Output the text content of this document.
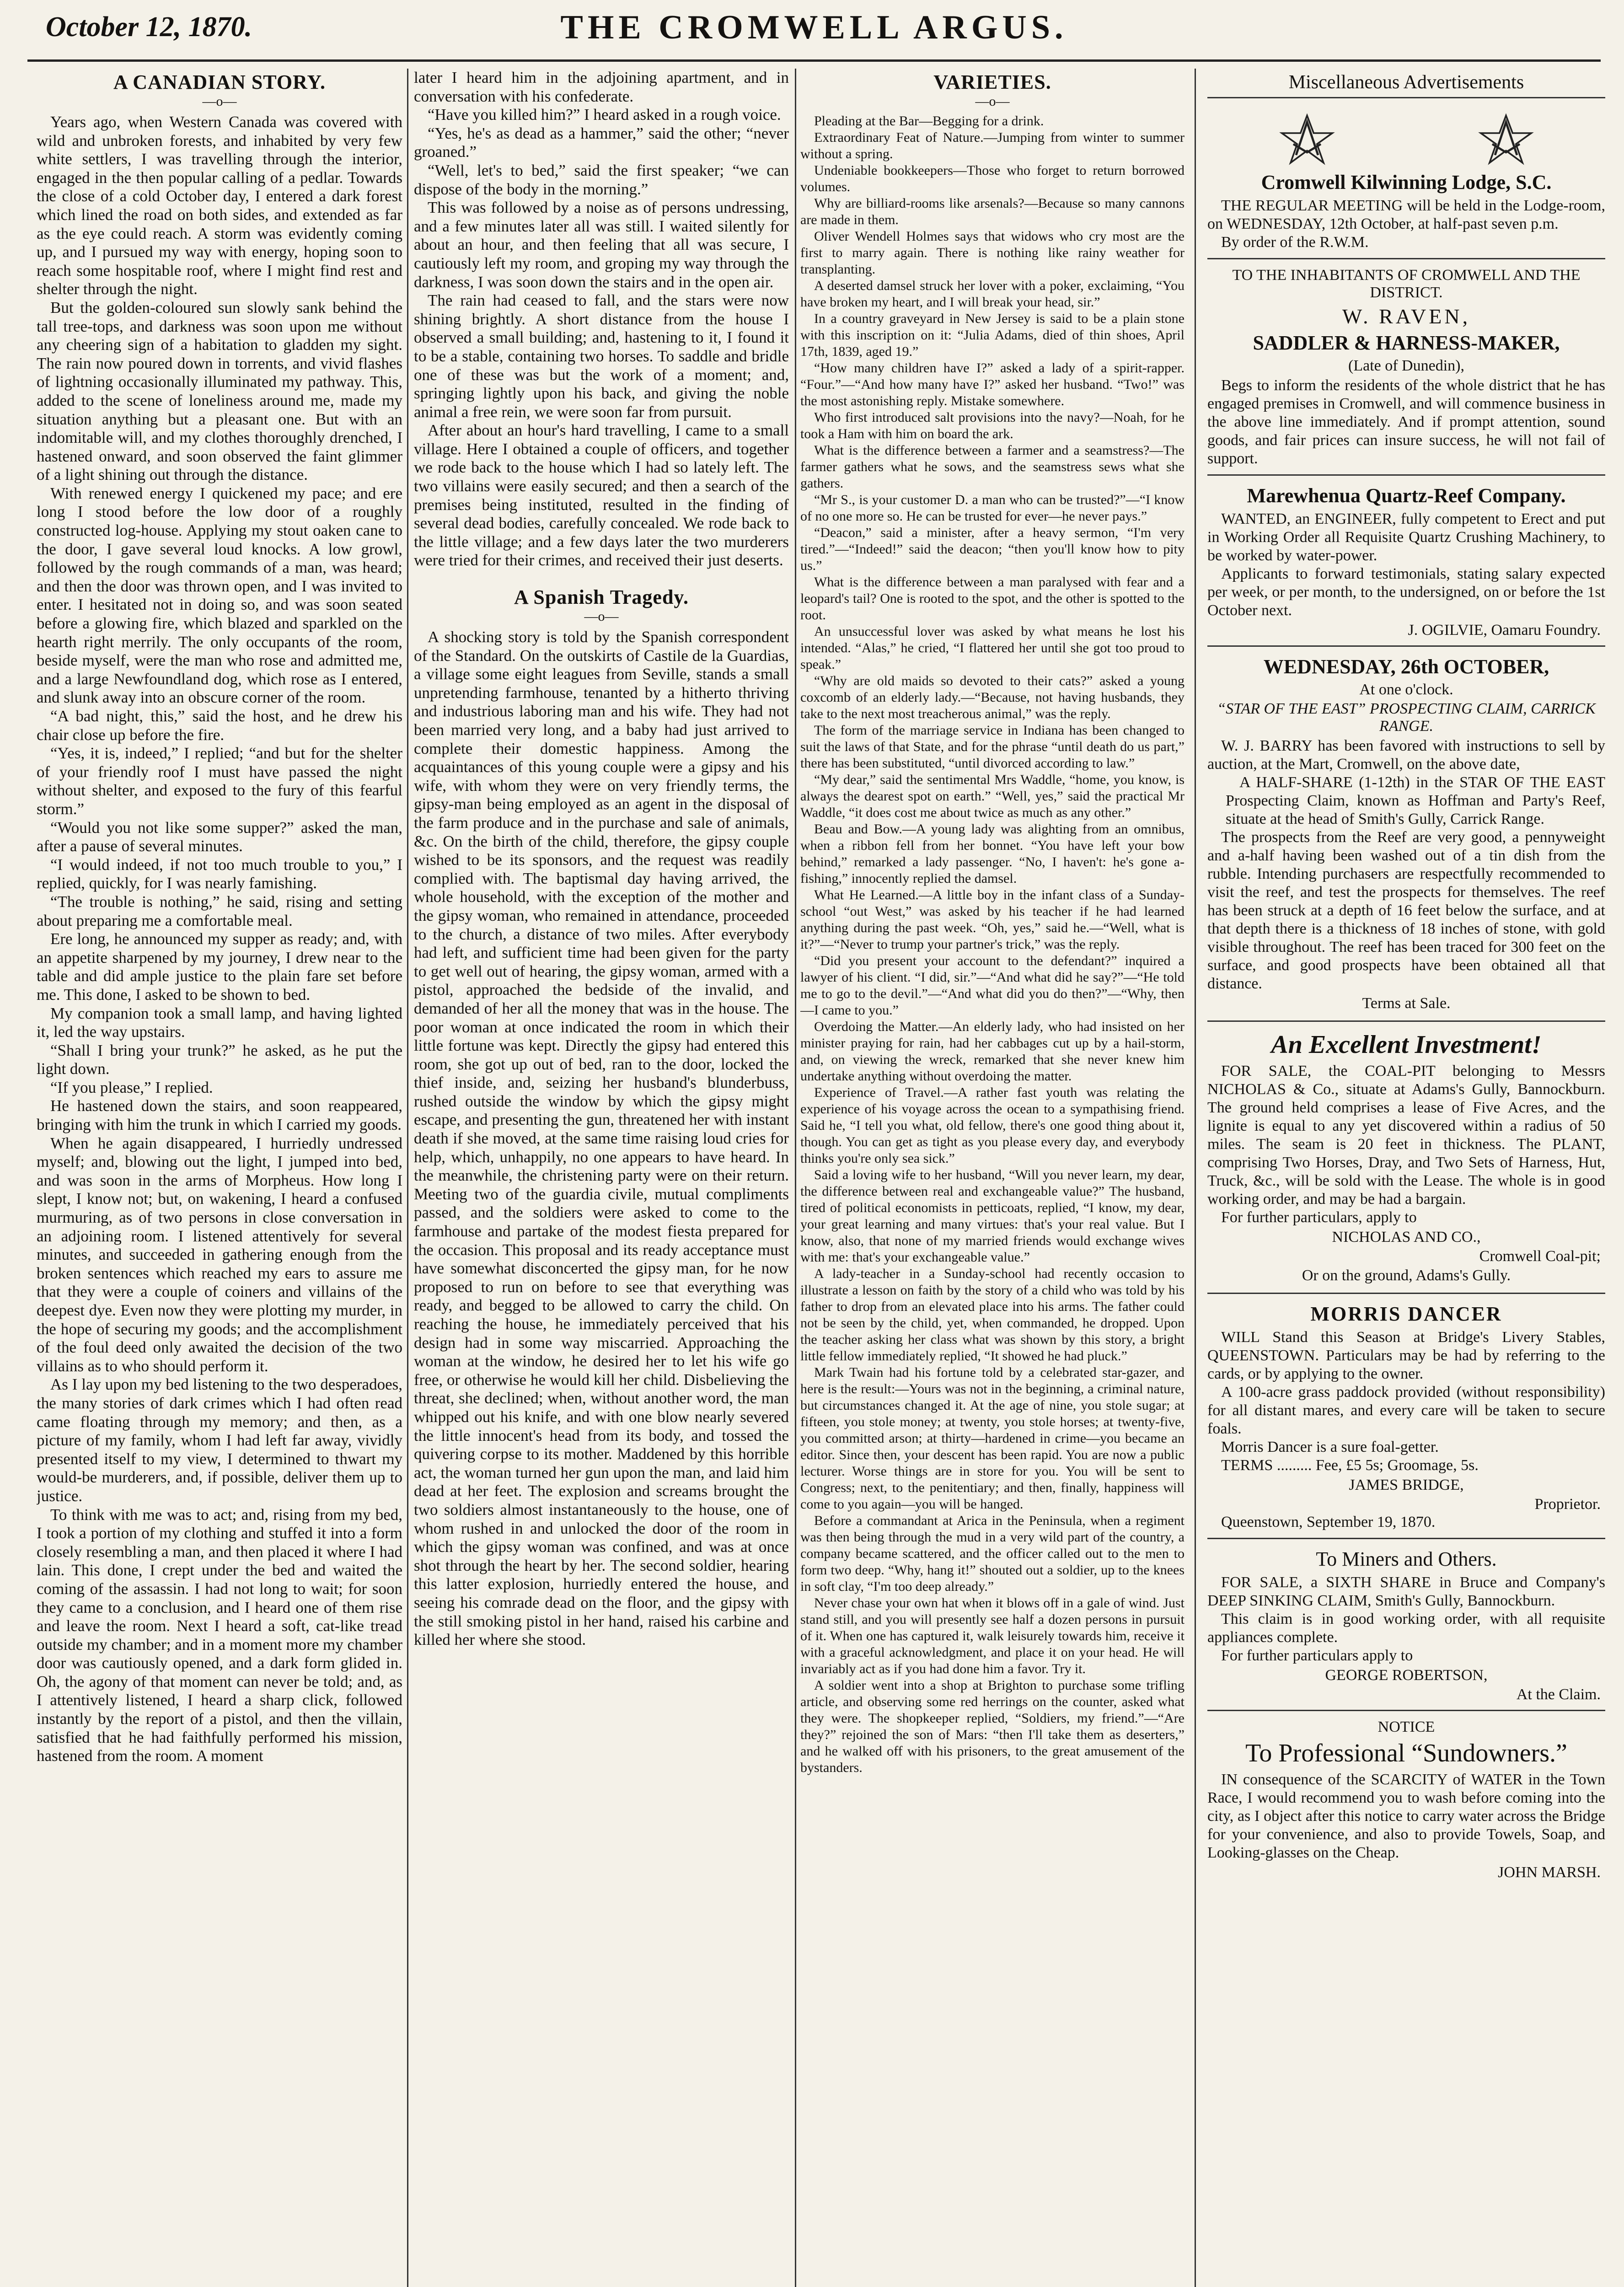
October 12, 1870.	THE CROMWELL ARGUS.
A CANADIAN STORY.
—o—

Years ago, when Western Canada was covered with wild and unbroken forests, and inhabited by very few white settlers, I was travelling through the interior, engaged in the then popular calling of a pedlar. Towards the close of a cold October day, I entered a dark forest which lined the road on both sides, and extended as far as the eye could reach. A storm was evidently coming up, and I pursued my way with energy, hoping soon to reach some hospitable roof, where I might find rest and shelter through the night.

But the golden-coloured sun slowly sank behind the tall tree-tops, and darkness was soon upon me without any cheering sign of a habitation to gladden my sight. The rain now poured down in torrents, and vivid flashes of lightning occasionally illuminated my pathway. This, added to the scene of loneliness around me, made my situation anything but a pleasant one. But with an indomitable will, and my clothes thoroughly drenched, I hastened onward, and soon observed the faint glimmer of a light shining out through the distance.

With renewed energy I quickened my pace; and ere long I stood before the low door of a roughly constructed log-house. Applying my stout oaken cane to the door, I gave several loud knocks. A low growl, followed by the rough commands of a man, was heard; and then the door was thrown open, and I was invited to enter. I hesitated not in doing so, and was soon seated before a glowing fire, which blazed and sparkled on the hearth right merrily. The only occupants of the room, beside myself, were the man who rose and admitted me, and a large Newfoundland dog, which rose as I entered, and slunk away into an obscure corner of the room.

“A bad night, this,” said the host, and he drew his chair close up before the fire.

“Yes, it is, indeed,” I replied; “and but for the shelter of your friendly roof I must have passed the night without shelter, and exposed to the fury of this fearful storm.”

“Would you not like some supper?” asked the man, after a pause of several minutes.

“I would indeed, if not too much trouble to you,” I replied, quickly, for I was nearly famishing.

“The trouble is nothing,” he said, rising and setting about preparing me a comfortable meal.

Ere long, he announced my supper as ready; and, with an appetite sharpened by my journey, I drew near to the table and did ample justice to the plain fare set before me. This done, I asked to be shown to bed.

My companion took a small lamp, and having lighted it, led the way upstairs.

“Shall I bring your trunk?” he asked, as he put the light down.

“If you please,” I replied.

He hastened down the stairs, and soon reappeared, bringing with him the trunk in which I carried my goods.

When he again disappeared, I hurriedly undressed myself; and, blowing out the light, I jumped into bed, and was soon in the arms of Morpheus. How long I slept, I know not; but, on wakening, I heard a confused murmuring, as of two persons in close conversation in an adjoining room. I listened attentively for several minutes, and succeeded in gathering enough from the broken sentences which reached my ears to assure me that they were a couple of coiners and villains of the deepest dye. Even now they were plotting my murder, in the hope of securing my goods; and the accomplishment of the foul deed only awaited the decision of the two villains as to who should perform it.

As I lay upon my bed listening to the two desperadoes, the many stories of dark crimes which I had often read came floating through my memory; and then, as a picture of my family, whom I had left far away, vividly presented itself to my view, I determined to thwart my would-be murderers, and, if possible, deliver them up to justice.

To think with me was to act; and, rising from my bed, I took a portion of my clothing and stuffed it into a form closely resembling a man, and then placed it where I had lain. This done, I crept under the bed and waited the coming of the assassin. I had not long to wait; for soon they came to a conclusion, and I heard one of them rise and leave the room. Next I heard a soft, cat-like tread outside my chamber; and in a moment more my chamber door was cautiously opened, and a dark form glided in. Oh, the agony of that moment can never be told; and, as I attentively listened, I heard a sharp click, followed instantly by the report of a pistol, and then the villain, satisfied that he had faithfully performed his mission, hastened from the room. A moment

later I heard him in the adjoining apartment, and in conversation with his confederate.

“Have you killed him?” I heard asked in a rough voice.

“Yes, he's as dead as a hammer,” said the other; “never groaned.”

“Well, let's to bed,” said the first speaker; “we can dispose of the body in the morning.”

This was followed by a noise as of persons undressing, and a few minutes later all was still. I waited silently for about an hour, and then feeling that all was secure, I cautiously left my room, and groping my way through the darkness, I was soon down the stairs and in the open air.

The rain had ceased to fall, and the stars were now shining brightly. A short distance from the house I observed a small building; and, hastening to it, I found it to be a stable, containing two horses. To saddle and bridle one of these was but the work of a moment; and, springing lightly upon his back, and giving the noble animal a free rein, we were soon far from pursuit.

After about an hour's hard travelling, I came to a small village. Here I obtained a couple of officers, and together we rode back to the house which I had so lately left. The two villains were easily secured; and then a search of the premises being instituted, resulted in the finding of several dead bodies, carefully concealed. We rode back to the little village; and a few days later the two murderers were tried for their crimes, and received their just deserts.

A Spanish Tragedy.
—o—

A shocking story is told by the Spanish correspondent of the Standard. On the outskirts of Castile de la Guardias, a village some eight leagues from Seville, stands a small unpretending farmhouse, tenanted by a hitherto thriving and industrious laboring man and his wife. They had not been married very long, and a baby had just arrived to complete their domestic happiness. Among the acquaintances of this young couple were a gipsy and his wife, with whom they were on very friendly terms, the gipsy-man being employed as an agent in the disposal of the farm produce and in the purchase and sale of animals, &c. On the birth of the child, therefore, the gipsy couple wished to be its sponsors, and the request was readily complied with. The baptismal day having arrived, the whole household, with the exception of the mother and the gipsy woman, who remained in attendance, proceeded to the church, a distance of two miles. After everybody had left, and sufficient time had been given for the party to get well out of hearing, the gipsy woman, armed with a pistol, approached the bedside of the invalid, and demanded of her all the money that was in the house. The poor woman at once indicated the room in which their little fortune was kept. Directly the gipsy had entered this room, she got up out of bed, ran to the door, locked the thief inside, and, seizing her husband's blunderbuss, rushed outside the window by which the gipsy might escape, and presenting the gun, threatened her with instant death if she moved, at the same time raising loud cries for help, which, unhappily, no one appears to have heard. In the meanwhile, the christening party were on their return. Meeting two of the guardia civile, mutual compliments passed, and the soldiers were asked to come to the farmhouse and partake of the modest fiesta prepared for the occasion. This proposal and its ready acceptance must have somewhat disconcerted the gipsy man, for he now proposed to run on before to see that everything was ready, and begged to be allowed to carry the child. On reaching the house, he immediately perceived that his design had in some way miscarried. Approaching the woman at the window, he desired her to let his wife go free, or otherwise he would kill her child. Disbelieving the threat, she declined; when, without another word, the man whipped out his knife, and with one blow nearly severed the little innocent's head from its body, and tossed the quivering corpse to its mother. Maddened by this horrible act, the woman turned her gun upon the man, and laid him dead at her feet. The explosion and screams brought the two soldiers almost instantaneously to the house, one of whom rushed in and unlocked the door of the room in which the gipsy woman was confined, and was at once shot through the heart by her. The second soldier, hearing this latter explosion, hurriedly entered the house, and seeing his comrade dead on the floor, and the gipsy with the still smoking pistol in her hand, raised his carbine and killed her where she stood.

VARIETIES.
—o—

Pleading at the Bar—Begging for a drink.

Extraordinary Feat of Nature.—Jumping from winter to summer without a spring.

Undeniable bookkeepers—Those who forget to return borrowed volumes.

Why are billiard-rooms like arsenals?—Because so many cannons are made in them.

Oliver Wendell Holmes says that widows who cry most are the first to marry again. There is nothing like rainy weather for transplanting.

A deserted damsel struck her lover with a poker, exclaiming, “You have broken my heart, and I will break your head, sir.”

In a country graveyard in New Jersey is said to be a plain stone with this inscription on it: “Julia Adams, died of thin shoes, April 17th, 1839, aged 19.”

“How many children have I?” asked a lady of a spirit-rapper. “Four.”—“And how many have I?” asked her husband. “Two!” was the most astonishing reply. Mistake somewhere.

Who first introduced salt provisions into the navy?—Noah, for he took a Ham with him on board the ark.

What is the difference between a farmer and a seamstress?—The farmer gathers what he sows, and the seamstress sews what she gathers.

“Mr S., is your customer D. a man who can be trusted?”—“I know of no one more so. He can be trusted for ever—he never pays.”

“Deacon,” said a minister, after a heavy sermon, “I'm very tired.”—“Indeed!” said the deacon; “then you'll know how to pity us.”

What is the difference between a man paralysed with fear and a leopard's tail? One is rooted to the spot, and the other is spotted to the root.

An unsuccessful lover was asked by what means he lost his intended. “Alas,” he cried, “I flattered her until she got too proud to speak.”

“Why are old maids so devoted to their cats?” asked a young coxcomb of an elderly lady.—“Because, not having husbands, they take to the next most treacherous animal,” was the reply.

The form of the marriage service in Indiana has been changed to suit the laws of that State, and for the phrase “until death do us part,” there has been substituted, “until divorced according to law.”

“My dear,” said the sentimental Mrs Waddle, “home, you know, is always the dearest spot on earth.” “Well, yes,” said the practical Mr Waddle, “it does cost me about twice as much as any other.”

Beau and Bow.—A young lady was alighting from an omnibus, when a ribbon fell from her bonnet. “You have left your bow behind,” remarked a lady passenger. “No, I haven't: he's gone a-fishing,” innocently replied the damsel.

What He Learned.—A little boy in the infant class of a Sunday-school “out West,” was asked by his teacher if he had learned anything during the past week. “Oh, yes,” said he.—“Well, what is it?”—“Never to trump your partner's trick,” was the reply.

“Did you present your account to the defendant?” inquired a lawyer of his client. “I did, sir.”—“And what did he say?”—“He told me to go to the devil.”—“And what did you do then?”—“Why, then—I came to you.”

Overdoing the Matter.—An elderly lady, who had insisted on her minister praying for rain, had her cabbages cut up by a hail-storm, and, on viewing the wreck, remarked that she never knew him undertake anything without overdoing the matter.

Experience of Travel.—A rather fast youth was relating the experience of his voyage across the ocean to a sympathising friend. Said he, “I tell you what, old fellow, there's one good thing about it, though. You can get as tight as you please every day, and everybody thinks you're only sea sick.”

Said a loving wife to her husband, “Will you never learn, my dear, the difference between real and exchangeable value?” The husband, tired of political economists in petticoats, replied, “I know, my dear, your great learning and many virtues: that's your real value. But I know, also, that none of my married friends would exchange wives with me: that's your exchangeable value.”

A lady-teacher in a Sunday-school had recently occasion to illustrate a lesson on faith by the story of a child who was told by his father to drop from an elevated place into his arms. The father could not be seen by the child, yet, when commanded, he dropped. Upon the teacher asking her class what was shown by this story, a bright little fellow immediately replied, “It showed he had pluck.”

Mark Twain had his fortune told by a celebrated star-gazer, and here is the result:—Yours was not in the beginning, a criminal nature, but circumstances changed it. At the age of nine, you stole sugar; at fifteen, you stole money; at twenty, you stole horses; at twenty-five, you committed arson; at thirty—hardened in crime—you became an editor. Since then, your descent has been rapid. You are now a public lecturer. Worse things are in store for you. You will be sent to Congress; next, to the penitentiary; and then, finally, happiness will come to you again—you will be hanged.

Before a commandant at Arica in the Peninsula, when a regiment was then being through the mud in a very wild part of the country, a company became scattered, and the officer called out to the men to form two deep. “Why, hang it!” shouted out a soldier, up to the knees in soft clay, “I'm too deep already.”

Never chase your own hat when it blows off in a gale of wind. Just stand still, and you will presently see half a dozen persons in pursuit of it. When one has captured it, walk leisurely towards him, receive it with a graceful acknowledgment, and place it on your head. He will invariably act as if you had done him a favor. Try it.

A soldier went into a shop at Brighton to purchase some trifling article, and observing some red herrings on the counter, asked what they were. The shopkeeper replied, “Soldiers, my friend.”—“Are they?” rejoined the son of Mars: “then I'll take them as deserters,” and he walked off with his prisoners, to the great amusement of the bystanders.

Miscellaneous Advertisements
Cromwell Kilwinning Lodge, S.C.

THE REGULAR MEETING will be held in the Lodge-room, on WEDNESDAY, 12th October, at half-past seven p.m.

By order of the R.W.M.
TO THE INHABITANTS OF CROMWELL AND THE DISTRICT.
W. RAVEN,
SADDLER & HARNESS-MAKER,
(Late of Dunedin),

Begs to inform the residents of the whole district that he has engaged premises in Cromwell, and will commence business in the above line immediately. And if prompt attention, sound goods, and fair prices can insure success, he will not fail of support.

Marewhenua Quartz-Reef Company.

WANTED, an ENGINEER, fully competent to Erect and put in Working Order all Requisite Quartz Crushing Machinery, to be worked by water-power.

Applicants to forward testimonials, stating salary expected per week, or per month, to the undersigned, on or before the 1st October next.

J. OGILVIE, Oamaru Foundry.
WEDNESDAY, 26th OCTOBER,
At one o'clock.
“STAR OF THE EAST” PROSPECTING CLAIM, CARRICK RANGE.

W. J. BARRY has been favored with instructions to sell by auction, at the Mart, Cromwell, on the above date,

A HALF-SHARE (1-12th) in the STAR OF THE EAST Prospecting Claim, known as Hoffman and Party's Reef, situate at the head of Smith's Gully, Carrick Range.

The prospects from the Reef are very good, a pennyweight and a-half having been washed out of a tin dish from the rubble. Intending purchasers are respectfully recommended to visit the reef, and test the prospects for themselves. The reef has been struck at a depth of 16 feet below the surface, and at that depth there is a thickness of 18 inches of stone, with gold visible throughout. The reef has been traced for 300 feet on the surface, and good prospects have been obtained all that distance.

Terms at Sale.
An Excellent Investment!

FOR SALE, the COAL-PIT belonging to Messrs NICHOLAS & Co., situate at Adams's Gully, Bannockburn. The ground held comprises a lease of Five Acres, and the lignite is equal to any yet discovered within a radius of 50 miles. The seam is 20 feet in thickness. The PLANT, comprising Two Horses, Dray, and Two Sets of Harness, Hut, Truck, &c., will be sold with the Lease. The whole is in good working order, and may be had a bargain.

For further particulars, apply to

NICHOLAS AND CO.,
Cromwell Coal-pit;
Or on the ground, Adams's Gully.
MORRIS DANCER

WILL Stand this Season at Bridge's Livery Stables, QUEENSTOWN. Particulars may be had by referring to the cards, or by applying to the owner.

A 100-acre grass paddock provided (without responsibility) for all distant mares, and every care will be taken to secure foals.

Morris Dancer is a sure foal-getter.

TERMS ......... Fee, £5 5s; Groomage, 5s.

JAMES BRIDGE,
Proprietor.

Queenstown, September 19, 1870.

To Miners and Others.

FOR SALE, a SIXTH SHARE in Bruce and Company's DEEP SINKING CLAIM, Smith's Gully, Bannockburn.

This claim is in good working order, with all requisite appliances complete.

For further particulars apply to

GEORGE ROBERTSON,
At the Claim.
NOTICE
To Professional “Sundowners.”

IN consequence of the SCARCITY of WATER in the Town Race, I would recommend you to wash before coming into the city, as I object after this notice to carry water across the Bridge for your convenience, and also to provide Towels, Soap, and Looking-glasses on the Cheap.

JOHN MARSH.
